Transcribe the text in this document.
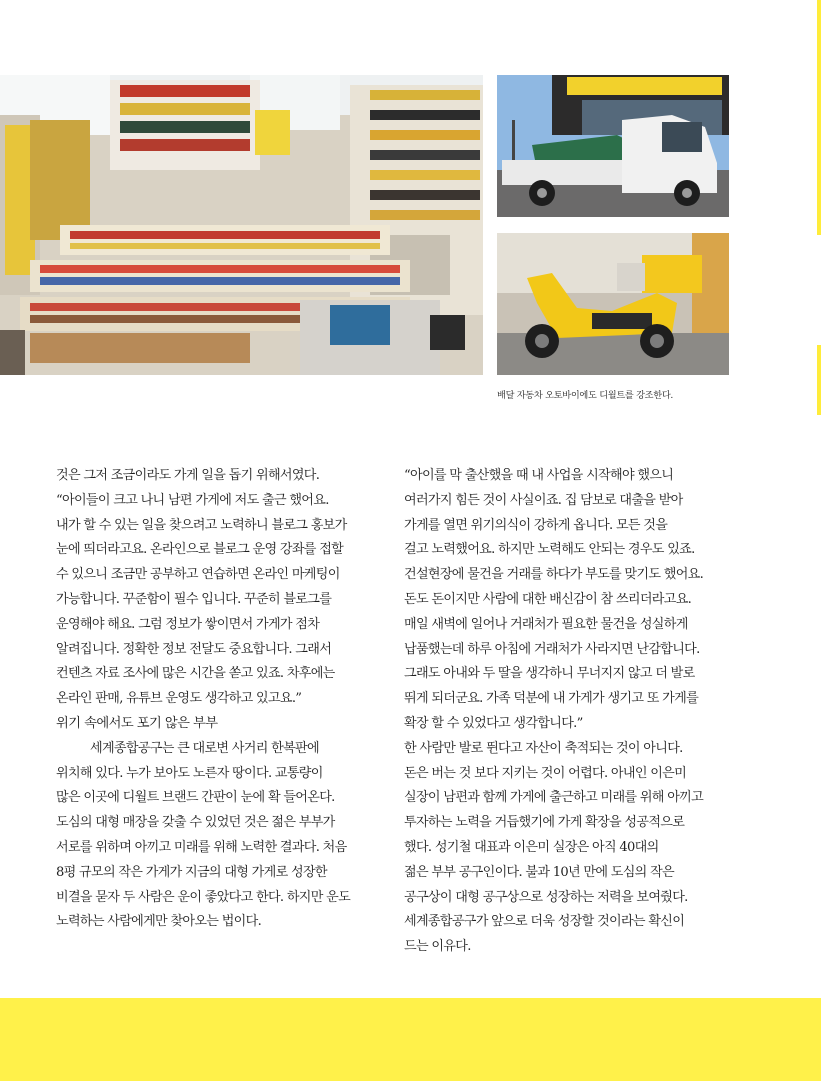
배달 자동차 오토바이에도 디월트를 강조한다.

것은 그저 조금이라도 가게 일을 돕기 위해서였다.

“아이들이 크고 나니 남편 가게에 저도 출근 했어요.

내가 할 수 있는 일을 찾으려고 노력하니 블로그 홍보가

눈에 띄더라고요. 온라인으로 블로그 운영 강좌를 접할

수 있으니 조금만 공부하고 연습하면 온라인 마케팅이

가능합니다. 꾸준함이 필수 입니다. 꾸준히 블로그를

운영해야 해요. 그럼 정보가 쌓이면서 가게가 점차

알려집니다. 정확한 정보 전달도 중요합니다. 그래서

컨텐츠 자료 조사에 많은 시간을 쏟고 있죠. 차후에는

온라인 판매, 유튜브 운영도 생각하고 있고요.”

위기 속에서도 포기 않은 부부

세계종합공구는 큰 대로변 사거리 한복판에

위치해 있다. 누가 보아도 노른자 땅이다. 교통량이

많은 이곳에 디월트 브랜드 간판이 눈에 확 들어온다.

도심의 대형 매장을 갖출 수 있었던 것은 젊은 부부가

서로를 위하며 아끼고 미래를 위해 노력한 결과다. 처음

8평 규모의 작은 가게가 지금의 대형 가게로 성장한

비결을 묻자 두 사람은 운이 좋았다고 한다. 하지만 운도

노력하는 사람에게만 찾아오는 법이다.

“아이를 막 출산했을 때 내 사업을 시작해야 했으니

여러가지 힘든 것이 사실이죠. 집 담보로 대출을 받아

가게를 열면 위기의식이 강하게 옵니다. 모든 것을

걸고 노력했어요. 하지만 노력해도 안되는 경우도 있죠.

건설현장에 물건을 거래를 하다가 부도를 맞기도 했어요.

돈도 돈이지만 사람에 대한 배신감이 참 쓰리더라고요.

매일 새벽에 일어나 거래처가 필요한 물건을 성실하게

납품했는데 하루 아침에 거래처가 사라지면 난감합니다.

그래도 아내와 두 딸을 생각하니 무너지지 않고 더 발로

뛰게 되더군요. 가족 덕분에 내 가게가 생기고 또 가게를

확장 할 수 있었다고 생각합니다.”

한 사람만 발로 뛴다고 자산이 축적되는 것이 아니다.

돈은 버는 것 보다 지키는 것이 어렵다. 아내인 이은미

실장이 남편과 함께 가게에 출근하고 미래를 위해 아끼고

투자하는 노력을 거듭했기에 가게 확장을 성공적으로

했다. 성기철 대표과 이은미 실장은 아직 40대의

젊은 부부 공구인이다. 불과 10년 만에 도심의 작은

공구상이 대형 공구상으로 성장하는 저력을 보여줬다.

세계종합공구가 앞으로 더욱 성장할 것이라는 확신이

드는 이유다.
